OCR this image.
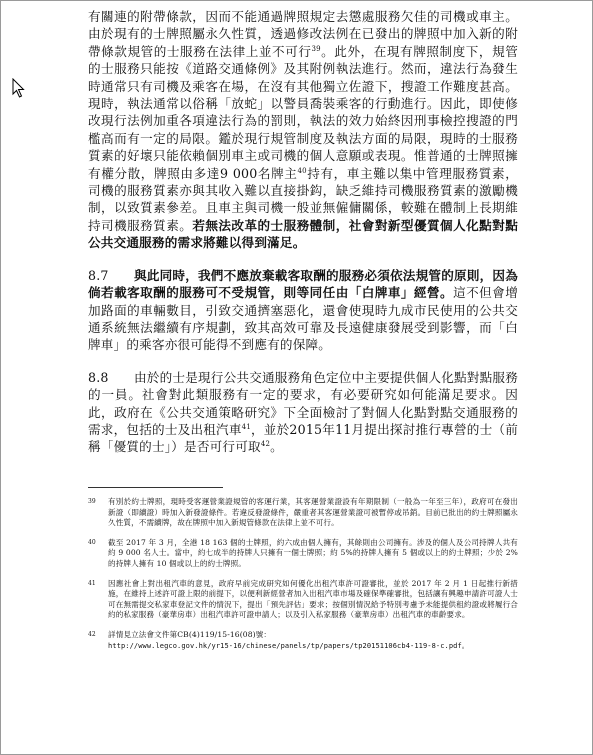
有關連的附帶條款，因而不能通過牌照規定去懲處服務欠佳的司機或車主。由於現有的士牌照屬永久性質，透過修改法例在已發出的牌照中加入新的附帶條款規管的士服務在法律上並不可行$^{39}$。此外，在現有牌照制度下，規管的士服務只能按《道路交通條例》及其附例執法進行。然而，違法行為發生時通常只有司機及乘客在場，在沒有其他獨立佐證下，搜證工作難度甚高。現時，執法通常以俗稱「放蛇」以警員喬裝乘客的行動進行。因此，即使修改現行法例加重各項違法行為的罰則，執法的效力始終因刑事檢控搜證的門檻高而有一定的局限。鑑於現行規管制度及執法方面的局限，現時的士服務質素的好壞只能依賴個別車主或司機的個人意願或表現。惟普通的士牌照擁有權分散，牌照由多達9 000名牌主$^{40}$持有，車主難以集中管理服務質素，司機的服務質素亦與其收入難以直接掛鈎，缺乏維持司機服務質素的激勵機制，以致質素參差。且車主與司機一般並無僱傭關係，較難在體制上長期維持司機服務質素。若無法改革的士服務體制，社會對新型優質個人化點對點公共交通服務的需求將難以得到滿足。

8.7 與此同時，我們不應放棄載客取酬的服務必須依法規管的原則，因為倘若載客取酬的服務可不受規管，則等同任由「白牌車」經營。這不但會增加路面的車輛數目，引致交通擠塞惡化，還會使現時九成市民使用的公共交通系統無法繼續有序規劃，致其高效可靠及長遠健康發展受到影響，而「白牌車」的乘客亦很可能得不到應有的保障。

8.8 由於的士是現行公共交通服務角色定位中主要提供個人化點對點服務的一員。社會對此類服務有一定的要求，有必要研究如何能滿足要求。因此，政府在《公共交通策略研究》下全面檢討了對個人化點對點交通服務的需求，包括的士及出租汽車$^{41}$，並於2015年11月提出探討推行專營的士（前稱「優質的士」）是否可行可取$^{42}$。

39 有別於約士牌照，現時受客運營業證規管的客運行業，其客運營業證設有年期限制（一般為一年至三年），政府可在發出新證（即續證）時加入新發證條件。若違反發證條件，嚴重者其客運營業證可被暫停或吊銷。目前已批出的約士牌照屬永久性質，不需續牌，故在牌照中加入新規管條款在法律上並不可行。
40 截至 2017 年 3 月，全港 18 163 個的士牌照，約六成由個人擁有，其餘則由公司擁有。涉及的個人及公司持牌人共有約 9 000 名人士。當中，約七成半的持牌人只擁有一個士牌照；約 5%的持牌人擁有 5 個或以上的約士牌照；少於 2%的持牌人擁有 10 個或以上的約士牌照。
41 因應社會上對出租汽車的意見，政府早前完成研究如何優化出租汽車許可證審批，並於 2017 年 2 月 1 日起推行新措施，在維持上述許可證上限的前提下，以便利新經營者加入出租汽車市場及確保準確審批，包括讓有興趣申請許可證人士可在無需提交私家車登記文件的情況下，提出「預先評估」要求；按個別情況給予特別考慮予未能提供租約證或將履行合約的私家服務（豪華房車）出租汽車許可證申請人；以及引入私家服務（豪華房車）出租汽車的車齡要求。
42 詳情見立法會文件第CB(4)119/15-16(08)號：
http://www.legco.gov.hk/yr15-16/chinese/panels/tp/papers/tp20151106cb4-119-8-c.pdf。
